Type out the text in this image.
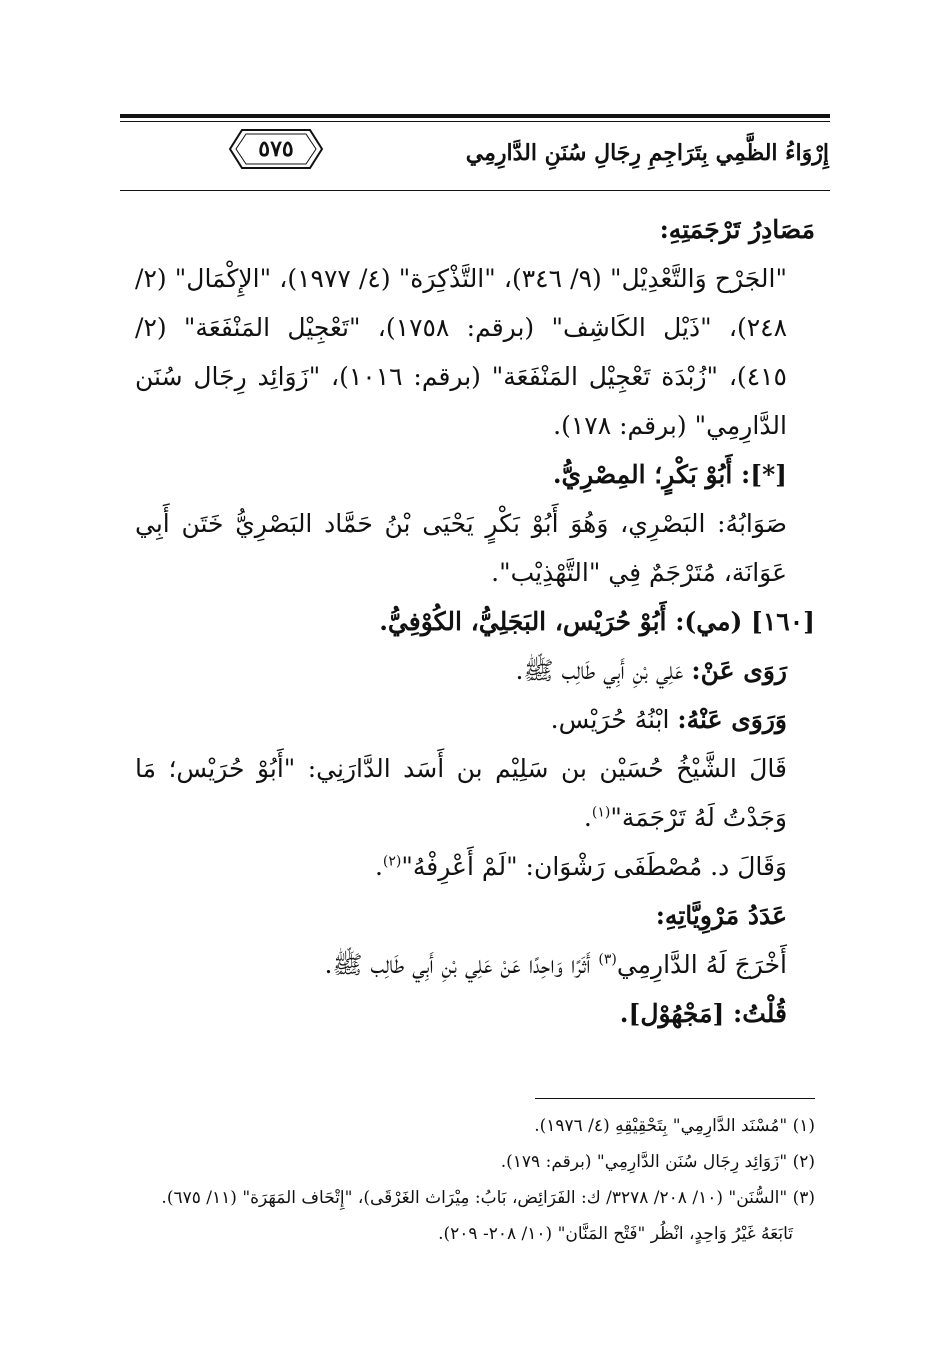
٥٧٥	إِرْوَاءُ الظَّمِي بِتَرَاجِمِ رِجَالِ سُنَنِ الدَّارِمِي

مَصَادِرُ تَرْجَمَتِهِ:

"الجَرْح وَالتَّعْدِيْل" (٩/ ٣٤٦)، "التَّذْكِرَة" (٤/ ١٩٧٧)، "الإِكْمَال" (٢/ ٢٤٨)، "ذَيْل الكَاشِف" (برقم: ١٧٥٨)، "تَعْجِيْل المَنْفَعَة" (٢/ ٤١٥)، "زُبْدَة تَعْجِيْل المَنْفَعَة" (برقم: ١٠١٦)، "زَوَائِد رِجَال سُنَن الدَّارِمِي" (برقم: ١٧٨).

[*]: أَبُوْ بَكْرٍ؛ المِصْرِيُّ.

صَوَابُهُ: البَصْرِي، وَهُوَ أَبُوْ بَكْرٍ يَحْيَى بْنُ حَمَّاد البَصْرِيُّ خَتَن أَبِي عَوَانَة، مُتَرْجَمٌ فِي "التَّهْذِيْب".

[١٦٠] (مي): أَبُوْ حُرَيْس، البَجَلِيُّ، الكُوْفِيُّ.

رَوَى عَنْ: عَلِي بْنِ أَبِي طَالِب ﷺ.

وَرَوَى عَنْهُ: ابْنُهُ حُرَيْس.

قَالَ الشَّيْخُ حُسَيْن بن سَلِيْم بن أَسَد الدَّارَنِي: "أَبُوْ حُرَيْس؛ مَا وَجَدْتُ لَهُ تَرْجَمَة"$^{(١)}$.

وَقَالَ د. مُصْطَفَى رَشْوَان: "لَمْ أَعْرِفْهُ"$^{(٢)}$.

عَدَدُ مَرْوِيَّاتِهِ:

أَخْرَجَ لَهُ الدَّارِمِي$^{(٣)}$ أَثَرًا وَاحِدًا عَنْ عَلِي بْنِ أَبِي طَالِب ﷺ.

قُلْتُ: [مَجْهُوْل].

(١) "مُسْنَد الدَّارِمِي" بِتَحْقِيْقِهِ (٤/ ١٩٧٦).

(٢) "زَوَائِد رِجَال سُنَن الدَّارِمِي" (برقم: ١٧٩).

(٣) "السُّنَن" (١٠/ ٢٠٨/ ٣٢٧٨/ ك: الفَرَائِض، بَابُ: مِيْرَاث الغَرْقَى)، "إِتْحَاف المَهَرَة" (١١/ ٦٧٥).

تَابَعَهُ غَيْرُ وَاحِدٍ، انْظُر "فَتْح المَنَّان" (١٠/ ٢٠٨- ٢٠٩).
